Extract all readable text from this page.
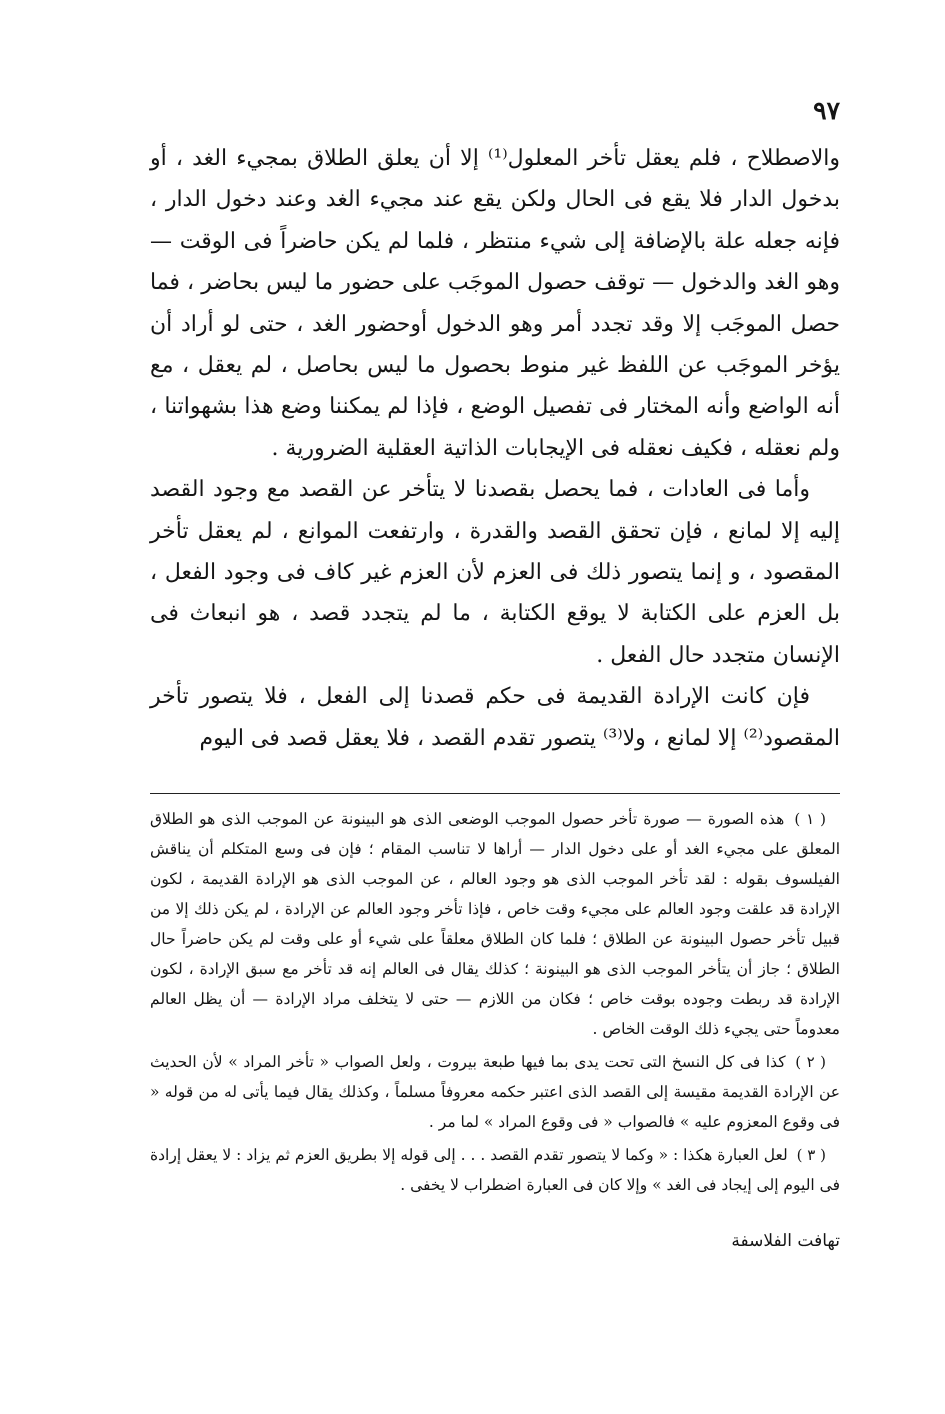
٩٧

والاصطلاح ، فلم يعقل تأخر المعلول⁽¹⁾ إلا أن يعلق الطلاق بمجيء الغد ، أو بدخول الدار فلا يقع فى الحال ولكن يقع عند مجيء الغد وعند دخول الدار ، فإنه جعله علة بالإضافة إلى شيء منتظر ، فلما لم يكن حاضراً فى الوقت — وهو الغد والدخول — توقف حصول الموجَب على حضور ما ليس بحاضر ، فما حصل الموجَب إلا وقد تجدد أمر وهو الدخول أوحضور الغد ، حتى لو أراد أن يؤخر الموجَب عن اللفظ غير منوط بحصول ما ليس بحاصل ، لم يعقل ، مع أنه الواضع وأنه المختار فى تفصيل الوضع ، فإذا لم يمكننا وضع هذا بشهواتنا ، ولم نعقله ، فكيف نعقله فى الإيجابات الذاتية العقلية الضرورية .

وأما فى العادات ، فما يحصل بقصدنا لا يتأخر عن القصد مع وجود القصد إليه إلا لمانع ، فإن تحقق القصد والقدرة ، وارتفعت الموانع ، لم يعقل تأخر المقصود ، و إنما يتصور ذلك فى العزم لأن العزم غير كاف فى وجود الفعل ، بل العزم على الكتابة لا يوقع الكتابة ، ما لم يتجدد قصد ، هو انبعاث فى الإنسان متجدد حال الفعل .

فإن كانت الإرادة القديمة فى حكم قصدنا إلى الفعل ، فلا يتصور تأخر المقصود⁽²⁾ إلا لمانع ، ولا⁽³⁾ يتصور تقدم القصد ، فلا يعقل قصد فى اليوم

( ١ ) هذه الصورة — صورة تأخر حصول الموجب الوضعى الذى هو البينونة عن الموجب الذى هو الطلاق المعلق على مجيء الغد أو على دخول الدار — أراها لا تناسب المقام ؛ فإن فى وسع المتكلم أن يناقش الفيلسوف بقوله : لقد تأخر الموجب الذى هو وجود العالم ، عن الموجب الذى هو الإرادة القديمة ، لكون الإرادة قد علقت وجود العالم على مجيء وقت خاص ، فإذا تأخر وجود العالم عن الإرادة ، لم يكن ذلك إلا من قبيل تأخر حصول البينونة عن الطلاق ؛ فلما كان الطلاق معلقاً على شيء أو على وقت لم يكن حاضراً حال الطلاق ؛ جاز أن يتأخر الموجب الذى هو البينونة ؛ كذلك يقال فى العالم إنه قد تأخر مع سبق الإرادة ، لكون الإرادة قد ربطت وجوده بوقت خاص ؛ فكان من اللازم — حتى لا يتخلف مراد الإرادة — أن يظل العالم معدوماً حتى يجيء ذلك الوقت الخاص .

( ٢ ) كذا فى كل النسخ التى تحت يدى بما فيها طبعة بيروت ، ولعل الصواب « تأخر المراد » لأن الحديث عن الإرادة القديمة مقيسة إلى القصد الذى اعتبر حكمه معروفاً مسلماً ، وكذلك يقال فيما يأتى له من قوله « فى وقوع المعزوم عليه » فالصواب « فى وقوع المراد » لما مر .

( ٣ ) لعل العبارة هكذا : « وكما لا يتصور تقدم القصد . . . إلى قوله إلا بطريق العزم ثم يزاد : لا يعقل إرادة فى اليوم إلى إيجاد فى الغد » وإلا كان فى العبارة اضطراب لا يخفى .

تهافت الفلاسفة
